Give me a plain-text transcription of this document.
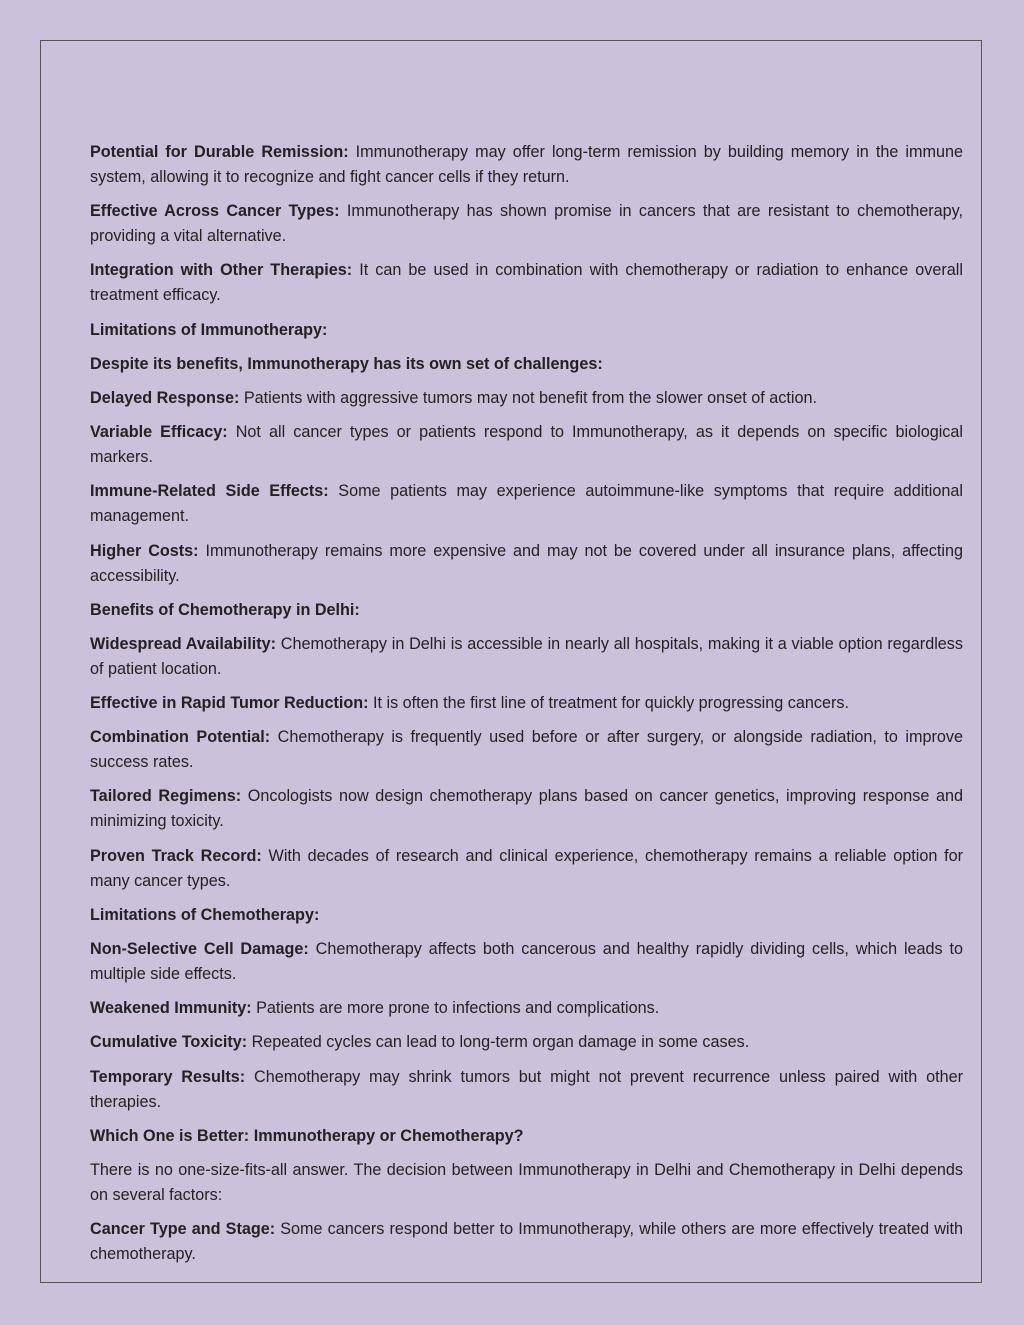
Potential for Durable Remission: Immunotherapy may offer long-term remission by building memory in the immune system, allowing it to recognize and fight cancer cells if they return.

Effective Across Cancer Types: Immunotherapy has shown promise in cancers that are resistant to chemotherapy, providing a vital alternative.

Integration with Other Therapies: It can be used in combination with chemotherapy or radiation to enhance overall treatment efficacy.

Limitations of Immunotherapy:

Despite its benefits, Immunotherapy has its own set of challenges:

Delayed Response: Patients with aggressive tumors may not benefit from the slower onset of action.

Variable Efficacy: Not all cancer types or patients respond to Immunotherapy, as it depends on specific biological markers.

Immune-Related Side Effects: Some patients may experience autoimmune-like symptoms that require additional management.

Higher Costs: Immunotherapy remains more expensive and may not be covered under all insurance plans, affecting accessibility.

Benefits of Chemotherapy in Delhi:

Widespread Availability: Chemotherapy in Delhi is accessible in nearly all hospitals, making it a viable option regardless of patient location.

Effective in Rapid Tumor Reduction: It is often the first line of treatment for quickly progressing cancers.

Combination Potential: Chemotherapy is frequently used before or after surgery, or alongside radiation, to improve success rates.

Tailored Regimens: Oncologists now design chemotherapy plans based on cancer genetics, improving response and minimizing toxicity.

Proven Track Record: With decades of research and clinical experience, chemotherapy remains a reliable option for many cancer types.

Limitations of Chemotherapy:

Non-Selective Cell Damage: Chemotherapy affects both cancerous and healthy rapidly dividing cells, which leads to multiple side effects.

Weakened Immunity: Patients are more prone to infections and complications.

Cumulative Toxicity: Repeated cycles can lead to long-term organ damage in some cases.

Temporary Results: Chemotherapy may shrink tumors but might not prevent recurrence unless paired with other therapies.

Which One is Better: Immunotherapy or Chemotherapy?

There is no one-size-fits-all answer. The decision between Immunotherapy in Delhi and Chemotherapy in Delhi depends on several factors:

Cancer Type and Stage: Some cancers respond better to Immunotherapy, while others are more effectively treated with chemotherapy.
